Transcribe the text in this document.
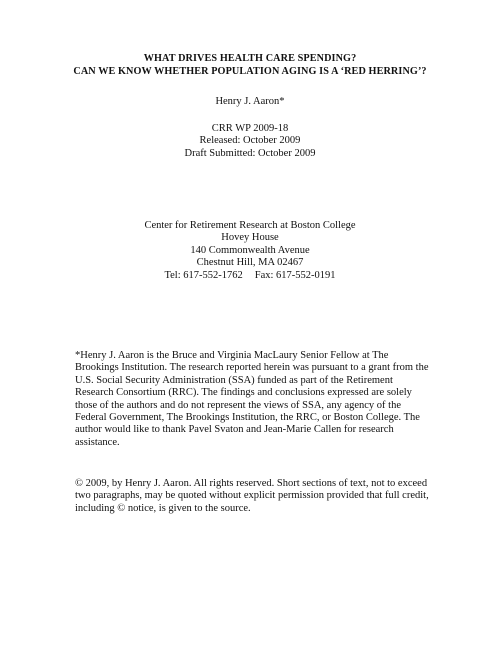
WHAT DRIVES HEALTH CARE SPENDING?
CAN WE KNOW WHETHER POPULATION AGING IS A ‘RED HERRING’?
Henry J. Aaron*
CRR WP 2009-18
Released: October 2009
Draft Submitted: October 2009
Center for Retirement Research at Boston College
Hovey House
140 Commonwealth Avenue
Chestnut Hill, MA 02467
Tel: 617-552-1762 Fax: 617-552-0191
*Henry J. Aaron is the Bruce and Virginia MacLaury Senior Fellow at The
Brookings Institution. The research reported herein was pursuant to a grant from the
U.S. Social Security Administration (SSA) funded as part of the Retirement
Research Consortium (RRC). The findings and conclusions expressed are solely
those of the authors and do not represent the views of SSA, any agency of the
Federal Government, The Brookings Institution, the RRC, or Boston College. The
author would like to thank Pavel Svaton and Jean-Marie Callen for research
assistance.
© 2009, by Henry J. Aaron. All rights reserved. Short sections of text, not to exceed
two paragraphs, may be quoted without explicit permission provided that full credit,
including © notice, is given to the source.
